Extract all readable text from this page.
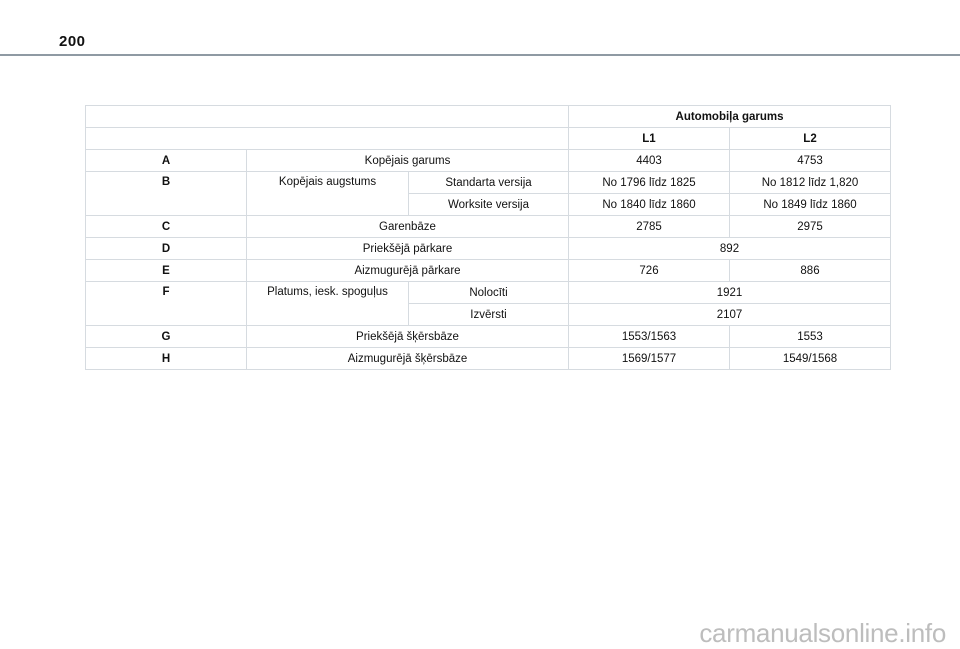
200
			Automobiļa garums	
			L1	L2
A	Kopējais garums		4403	4753
B	Kopējais augstums	Standarta versija	No 1796 līdz 1825	No 1812 līdz 1,820
		Worksite versija	No 1840 līdz 1860	No 1849 līdz 1860
C	Garenbāze		2785	2975
D	Priekšējā pārkare		892	
E	Aizmugurējā pārkare		726	886
F	Platums, iesk. spoguļus	Nolocīti	1921	
		Izvērsti	2107	
G	Priekšējā šķērsbāze		1553/1563	1553
H	Aizmugurējā šķērsbāze		1569/1577	1549/1568
carmanualsonline.info
